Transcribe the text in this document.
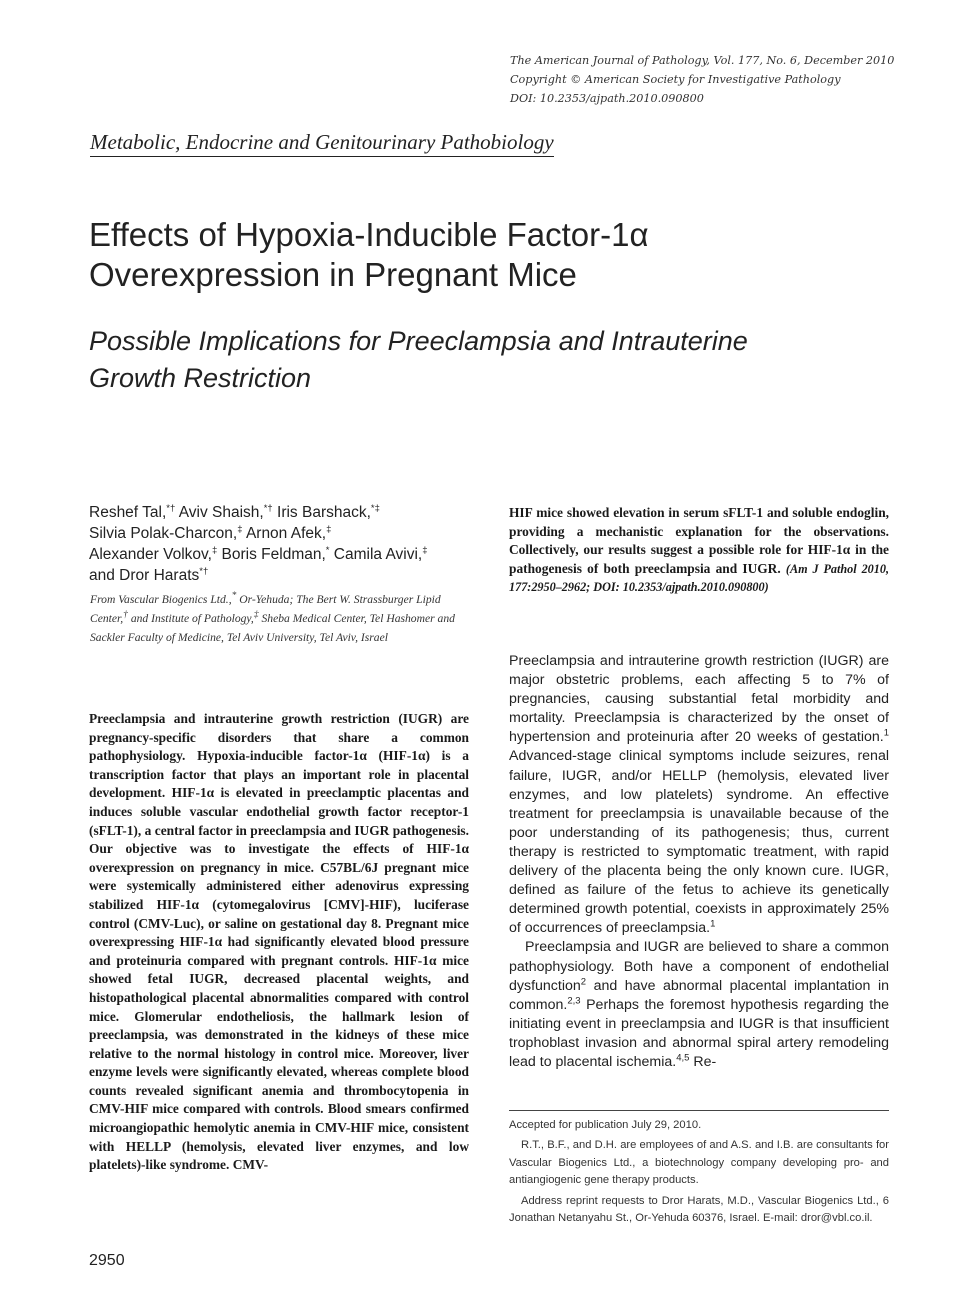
The American Journal of Pathology, Vol. 177, No. 6, December 2010
Copyright © American Society for Investigative Pathology
DOI: 10.2353/ajpath.2010.090800
Metabolic, Endocrine and Genitourinary Pathobiology
Effects of Hypoxia-Inducible Factor-1α
Overexpression in Pregnant Mice
Possible Implications for Preeclampsia and Intrauterine
Growth Restriction
Reshef Tal,*† Aviv Shaish,*† Iris Barshack,*‡
Silvia Polak-Charcon,‡ Arnon Afek,‡
Alexander Volkov,‡ Boris Feldman,* Camila Avivi,‡
and Dror Harats*†
From Vascular Biogenics Ltd.,* Or-Yehuda; The Bert W. Strassburger Lipid Center,† and Institute of Pathology,‡ Sheba Medical Center, Tel Hashomer and Sackler Faculty of Medicine, Tel Aviv University, Tel Aviv, Israel
Preeclampsia and intrauterine growth restriction (IUGR) are pregnancy-specific disorders that share a common pathophysiology. Hypoxia-inducible factor-1α (HIF-1α) is a transcription factor that plays an important role in placental development. HIF-1α is elevated in preeclamptic placentas and induces soluble vascular endothelial growth factor receptor-1 (sFLT-1), a central factor in preeclampsia and IUGR pathogenesis. Our objective was to investigate the effects of HIF-1α overexpression on pregnancy in mice. C57BL/6J pregnant mice were systemically administered either adenovirus expressing stabilized HIF-1α (cytomegalovirus [CMV]-HIF), luciferase control (CMV-Luc), or saline on gestational day 8. Pregnant mice overexpressing HIF-1α had significantly elevated blood pressure and proteinuria compared with pregnant controls. HIF-1α mice showed fetal IUGR, decreased placental weights, and histopathological placental abnormalities compared with control mice. Glomerular endotheliosis, the hallmark lesion of preeclampsia, was demonstrated in the kidneys of these mice relative to the normal histology in control mice. Moreover, liver enzyme levels were significantly elevated, whereas complete blood counts revealed significant anemia and thrombocytopenia in CMV-HIF mice compared with controls. Blood smears confirmed microangiopathic hemolytic anemia in CMV-HIF mice, consistent with HELLP (hemolysis, elevated liver enzymes, and low platelets)-like syndrome. CMV-
HIF mice showed elevation in serum sFLT-1 and soluble endoglin, providing a mechanistic explanation for the observations. Collectively, our results suggest a possible role for HIF-1α in the pathogenesis of both preeclampsia and IUGR. (Am J Pathol 2010, 177:2950–2962; DOI: 10.2353/ajpath.2010.090800)

Preeclampsia and intrauterine growth restriction (IUGR) are major obstetric problems, each affecting 5 to 7% of pregnancies, causing substantial fetal morbidity and mortality. Preeclampsia is characterized by the onset of hypertension and proteinuria after 20 weeks of gestation.$^1$ Advanced-stage clinical symptoms include seizures, renal failure, IUGR, and/or HELLP (hemolysis, elevated liver enzymes, and low platelets) syndrome. An effective treatment for preeclampsia is unavailable because of the poor understanding of its pathogenesis; thus, current therapy is restricted to symptomatic treatment, with rapid delivery of the placenta being the only known cure. IUGR, defined as failure of the fetus to achieve its genetically determined growth potential, coexists in approximately 25% of occurrences of preeclampsia.$^1$

Preeclampsia and IUGR are believed to share a common pathophysiology. Both have a component of endothelial dysfunction$^2$ and have abnormal placental implantation in common.$^{2,3}$ Perhaps the foremost hypothesis regarding the initiating event in preeclampsia and IUGR is that insufficient trophoblast invasion and abnormal spiral artery remodeling lead to placental ischemia.$^{4,5}$ Re-

Accepted for publication July 29, 2010.

R.T., B.F., and D.H. are employees of and A.S. and I.B. are consultants for Vascular Biogenics Ltd., a biotechnology company developing pro- and antiangiogenic gene therapy products.

Address reprint requests to Dror Harats, M.D., Vascular Biogenics Ltd., 6 Jonathan Netanyahu St., Or-Yehuda 60376, Israel. E-mail: dror@vbl.co.il.

2950
